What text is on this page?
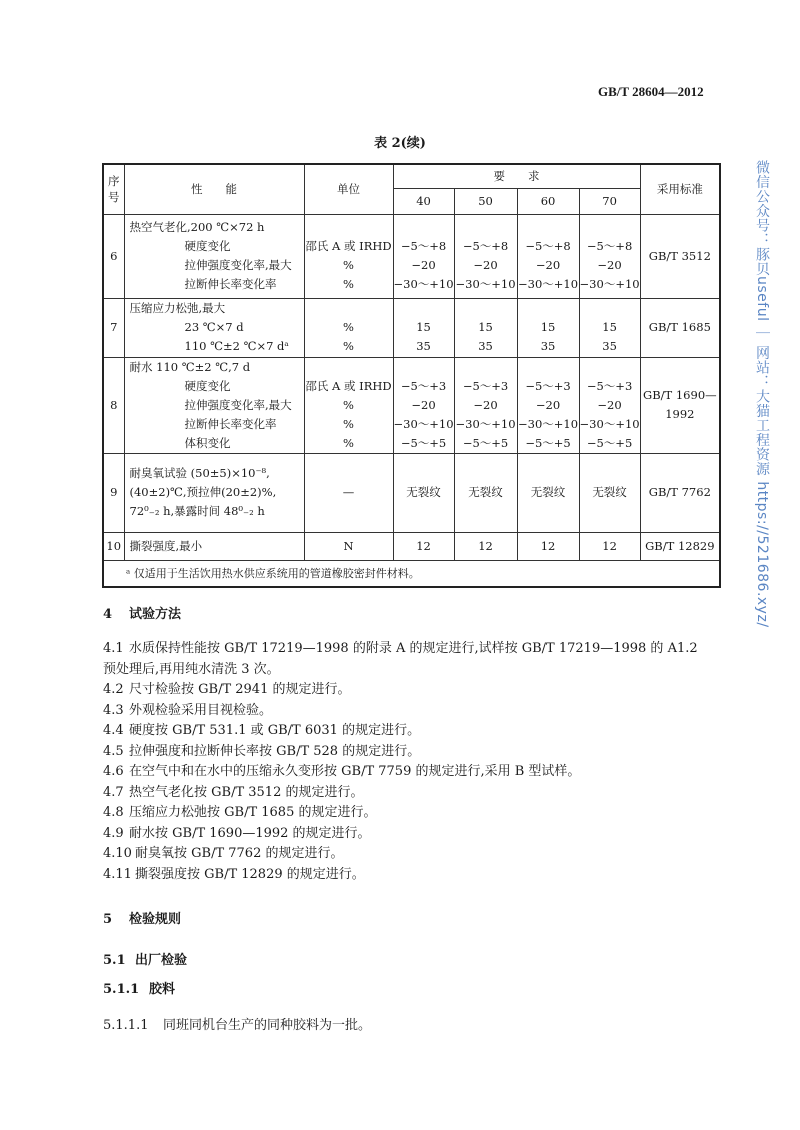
GB/T 28604—2012
表 2(续)
序号	性　　能	单位	要　　求	采用标准
40	50	60	70
6	
热空气老化,200 ℃×72 h
硬度变化
拉伸强度变化率,最大
拉断伸长率变化率

邵氏 A 或 IRHD
%
%

−5～+8
−20
−30～+10

−5～+8
−20
−30～+10

−5～+8
−20
−30～+10

−5～+8
−20
−30～+10
	GB/T 3512
7	
压缩应力松弛,最大
23 ℃×7 d
110 ℃±2 ℃×7 dᵃ

%
%

15
35

15
35

15
35

15
35
	GB/T 1685
8	
耐水 110 ℃±2 ℃,7 d
硬度变化
拉伸强度变化率,最大
拉断伸长率变化率
体积变化

邵氏 A 或 IRHD
%
%
%

−5～+3
−20
−30～+10
−5～+5

−5～+3
−20
−30～+10
−5～+5

−5～+3
−20
−30～+10
−5～+5

−5～+3
−20
−30～+10
−5～+5
	GB/T 1690—
1992
9	
耐臭氧试验 (50±5)×10⁻⁸,
(40±2)℃,预拉伸(20±2)%,
72⁰₋₂ h,暴露时间 48⁰₋₂ h

—	无裂纹	无裂纹	无裂纹	无裂纹	GB/T 7762
10	撕裂强度,最小	N	12	12	12	12	GB/T 12829
ᵃ 仅适用于生活饮用热水供应系统用的管道橡胶密封件材料。	微信公众号：豚贝useful ｜ 网站：大猫工程资源 https://521686.xyz/
4 试验方法
4.1 水质保持性能按 GB/T 17219—1998 的附录 A 的规定进行,试样按 GB/T 17219—1998 的 A1.2
预处理后,再用纯水清洗 3 次。
4.2 尺寸检验按 GB/T 2941 的规定进行。
4.3 外观检验采用目视检验。
4.4 硬度按 GB/T 531.1 或 GB/T 6031 的规定进行。
4.5 拉伸强度和拉断伸长率按 GB/T 528 的规定进行。
4.6 在空气中和在水中的压缩永久变形按 GB/T 7759 的规定进行,采用 B 型试样。
4.7 热空气老化按 GB/T 3512 的规定进行。
4.8 压缩应力松弛按 GB/T 1685 的规定进行。
4.9 耐水按 GB/T 1690—1992 的规定进行。
4.10 耐臭氧按 GB/T 7762 的规定进行。
4.11 撕裂强度按 GB/T 12829 的规定进行。
5 检验规则
5.1 出厂检验
5.1.1 胶料
5.1.1.1 同班同机台生产的同种胶料为一批。
